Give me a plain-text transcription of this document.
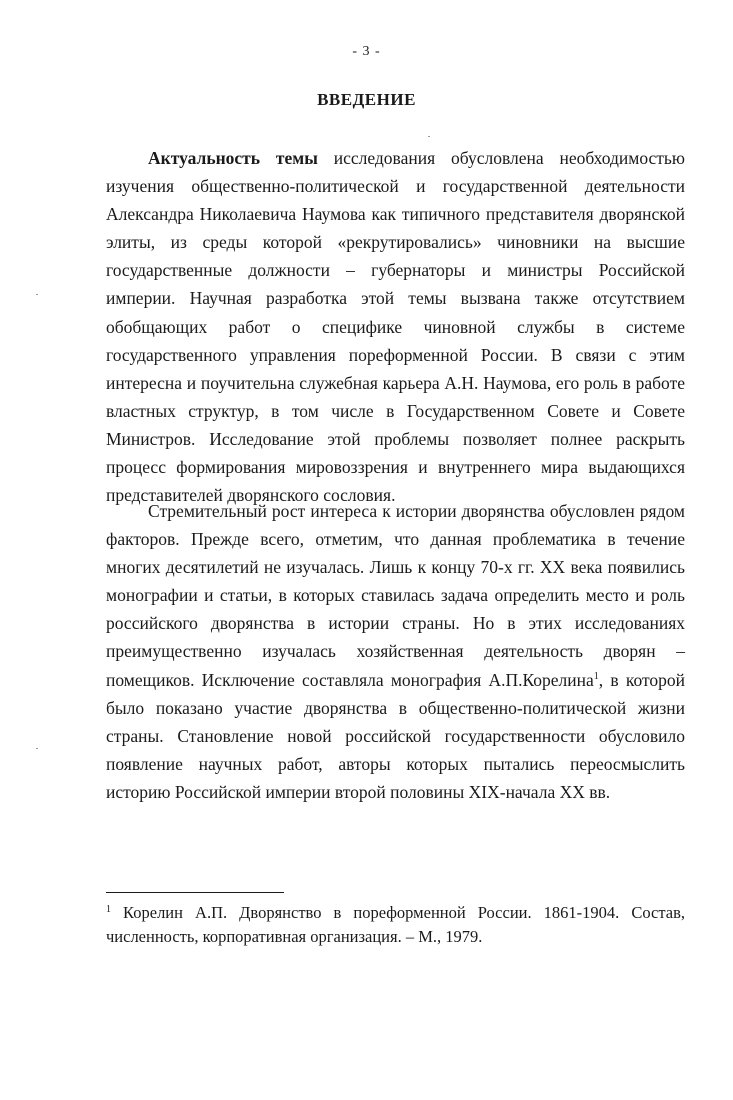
- 3 -
ВВЕДЕНИЕ

Актуальность темы исследования обусловлена необходимостью изучения общественно-политической и государственной деятельности Александра Николаевича Наумова как типичного представителя дворянской элиты, из среды которой «рекрутировались» чиновники на высшие государственные должности – губернаторы и министры Российской империи. Научная разработка этой темы вызвана также отсутствием обобщающих работ о специфике чиновной службы в системе государственного управления пореформенной России. В связи с этим интересна и поучительна служебная карьера А.Н. Наумова, его роль в работе властных структур, в том числе в Государственном Совете и Совете Министров. Исследование этой проблемы позволяет полнее раскрыть процесс формирования мировоззрения и внутреннего мира выдающихся представителей дворянского сословия.

Стремительный рост интереса к истории дворянства обусловлен рядом факторов. Прежде всего, отметим, что данная проблематика в течение многих десятилетий не изучалась. Лишь к концу 70-х гг. XX века появились монографии и статьи, в которых ставилась задача определить место и роль российского дворянства в истории страны. Но в этих исследованиях преимущественно изучалась хозяйственная деятельность дворян – помещиков. Исключение составляла монография А.П.Корелина$^1$, в которой было показано участие дворянства в общественно-политической жизни страны. Становление новой российской государственности обусловило появление научных работ, авторы которых пытались переосмыслить историю Российской империи второй половины XIX-начала XX вв.

$^1$ Корелин А.П. Дворянство в пореформенной России. 1861-1904. Состав, численность, корпоративная организация. – М., 1979.
